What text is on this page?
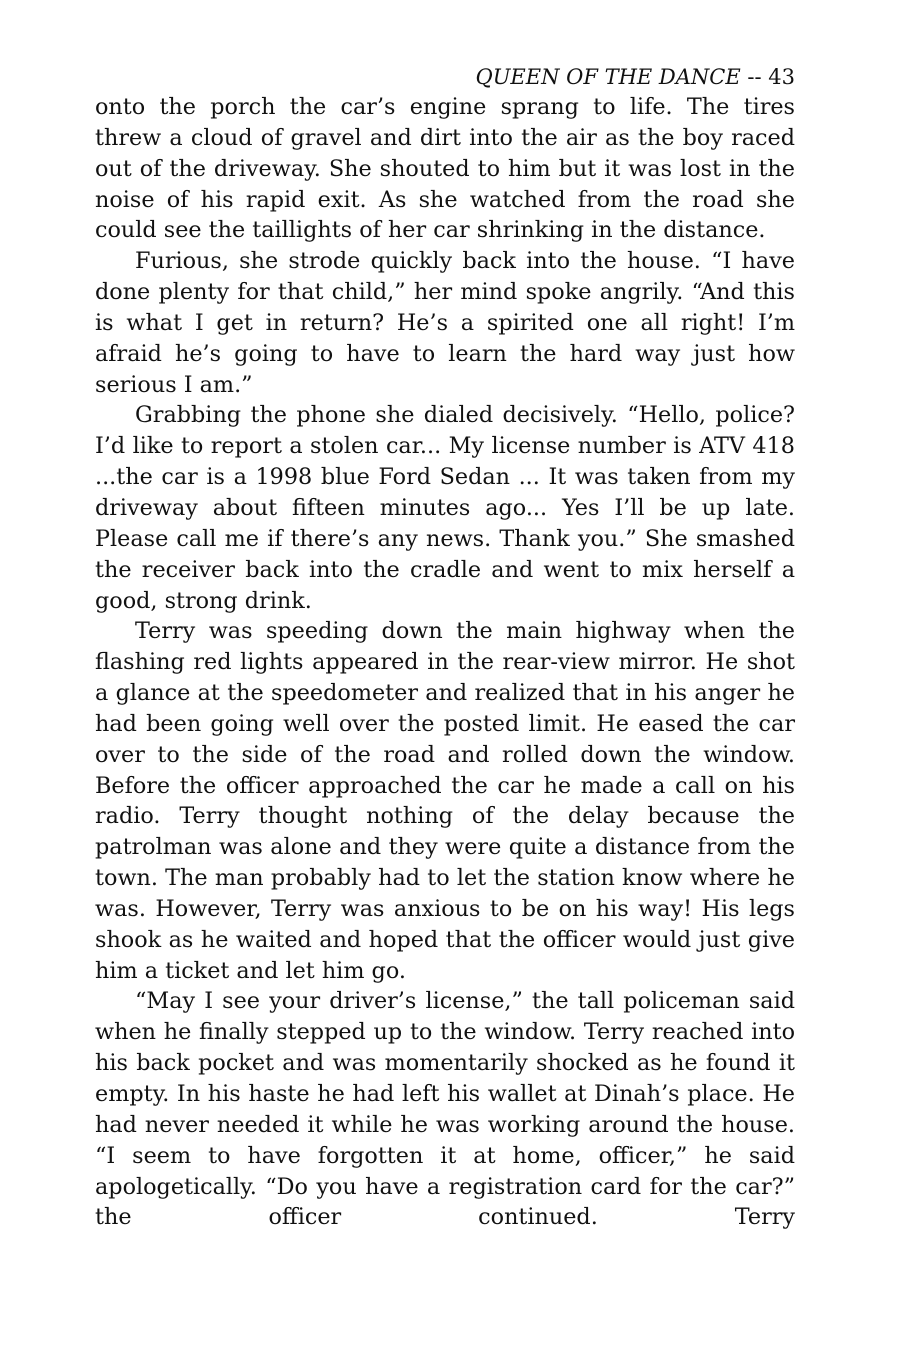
QUEEN OF THE DANCE -- 43

onto the porch the car’s engine sprang to life. The tires threw a cloud of gravel and dirt into the air as the boy raced out of the driveway. She shouted to him but it was lost in the noise of his rapid exit. As she watched from the road she could see the taillights of her car shrinking in the distance.

Furious, she strode quickly back into the house. “I have done plenty for that child,” her mind spoke angrily. “And this is what I get in return? He’s a spirited one all right! I’m afraid he’s going to have to learn the hard way just how serious I am.”

Grabbing the phone she dialed decisively. “Hello, police? I’d like to report a stolen car... My license number is ATV 418 ...the car is a 1998 blue Ford Sedan ... It was taken from my driveway about fifteen minutes ago... Yes I’ll be up late. Please call me if there’s any news. Thank you.” She smashed the receiver back into the cradle and went to mix herself a good, strong drink.

Terry was speeding down the main highway when the flashing red lights appeared in the rear-view mirror. He shot a glance at the speedometer and realized that in his anger he had been going well over the posted limit. He eased the car over to the side of the road and rolled down the window. Before the officer approached the car he made a call on his radio. Terry thought nothing of the delay because the patrolman was alone and they were quite a distance from the town. The man probably had to let the station know where he was. However, Terry was anxious to be on his way! His legs shook as he waited and hoped that the officer would just give him a ticket and let him go.

“May I see your driver’s license,” the tall policeman said when he finally stepped up to the window. Terry reached into his back pocket and was momentarily shocked as he found it empty. In his haste he had left his wallet at Dinah’s place. He had never needed it while he was working around the house. “I seem to have forgotten it at home, officer,” he said apologetically. “Do you have a registration card for the car?” the officer continued. Terry
